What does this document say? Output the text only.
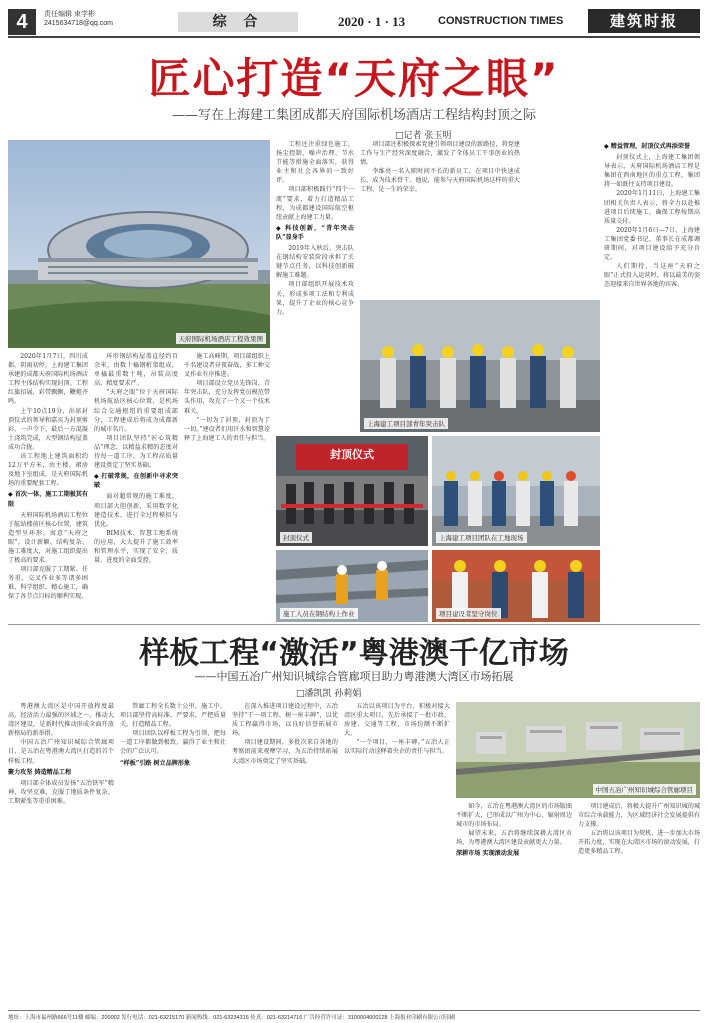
4	责任编辑 束学彬
2415634718@qq.com	综 合	2020 · 1 · 13	CONSTRUCTION TIMES	建筑时报
匠心打造“天府之眼”
——写在上海建工集团成都天府国际机场酒店工程结构封顶之际
□记者 张玉明
天府国际机场酒店工程效果图

2020年1月7日，四川成都。阴雨初停，上海建工集团承建的成都天府国际机场酒店工程主体结构实现封顶。工程红旗招展，彩带飘飘，鞭炮齐鸣。

上午10点19分，出席封顶仪式的领导和嘉宾为封顶剪彩，一声令下，最后一方混凝土浇筑完成，大型钢结构屋盖成功合拢。

该工程地上建筑面积约12万平方米，由主楼、裙房及地下室组成，是天府国际机场的重要配套工程。

◆ 首次一体，施工工期极其有限

天府国际机场酒店工程位于航站楼前区核心位置，建筑造型呈环形，寓意“天府之眼”。设计新颖、结构复杂、施工难度大，对施工组织提出了极高的要求。

项目部克服了工期紧、任务重、交叉作业多等诸多困难，科学组织、精心施工，确保了各节点目标的顺利实现。

环形钢结构屋盖直径约百余米，由数十榀钢桁架组成，单榀最重数十吨，吊装高度高、精度要求严。

“天府之眼”位于天府国际机场航站区核心位置，是机场综合交通枢纽的重要组成部分，工程建成后将成为成都新的城市名片。

项目团队坚持“匠心筑精品”理念，以精益求精的态度对待每一道工序，为工程高质量建设奠定了坚实基础。

◆ 打破常规，在创新中寻求突破

面对超常规的施工难度，项目部大胆创新，采用数字化建造技术，进行全过程模拟与优化。

BIM技术、智慧工地系统的应用，大大提升了施工效率和管理水平，实现了安全、质量、进度的全面受控。

施工高峰期，项目部组织上千名建设者昼夜奋战，多工种交叉作业有序推进。

项目部设立党员先锋岗、青年突击队，充分发挥党员模范带头作用，攻克了一个又一个技术难关。

“一切为了封顶，封顶为了一切。”建设者们用汗水和智慧诠释了上海建工人的责任与担当。

工程还注重绿色施工，扬尘控制、噪声治理、节水节能等措施全面落实，获得业主和社会各界的一致好评。

项目部积极践行“四个一流”要求，着力打造精品工程，为成都建设国际航空枢纽贡献上海建工力量。

◆ 科技创新，“青年突击队”显身手

2019年入秋后，突击队在钢结构安装阶段承担了关键节点任务，以科技创新破解施工难题。

项目部组织开展技术攻关，形成多项工法和专利成果，提升了企业的核心竞争力。

项目部还积极探索党建引领项目建设的新路径，将党建工作与生产经营深度融合，激发了全体员工干事创业的热情。

李维亮一名入职时间不长的新员工，在项目中快速成长，成为技术骨干。他说，能参与天府国际机场这样的重大工程，是一生的荣幸。

◆ 精益管理，封顶仪式再添荣誉

封顶仪式上，上海建工集团领导表示，天府国际机场酒店工程是集团在西南地区的重点工程，集团将一如既往支持项目建设。

2020年1月11日，上海建工集团相关负责人表示，将全力以赴推进项目后续施工，确保工程按期高质量交付。

2020年1月6日—7日，上海建工集团党委书记、董事长在成都调研期间，对项目建设给予充分肯定。

人们期待，当这座“天府之眼”正式投入运营时，将以最美的姿态迎接来自世界各地的宾客。

封顶仪式
封顶仪式	上海建工项目团队在工地现场
上海建工项目部青年突击队
施工人员在钢结构上作业	项目建设者坚守岗位
样板工程“激活”粤港澳千亿市场
——中国五冶广州知识城综合管廊项目助力粤港澳大湾区市场拓展
□潘凯凯 孙莉娟

粤港澳大湾区是中国开放程度最高、经济活力最强的区域之一。推动大湾区建设，是新时代推动形成全面开放新格局的新举措。

中国五冶广州知识城综合管廊项目，是五冶在粤港澳大湾区打造的首个样板工程。

聚力攻坚 铸造精品工程

项目部全体成员发扬“五冶铁军”精神，攻坚克难，克服了地质条件复杂、工期紧张等重重困难。

管廊工程全长数十公里，施工中，项目部坚持高标准、严要求，严把质量关，打造精品工程。

项目团队以样板工程为引领，把每一道工序都做到极致，赢得了业主和社会的广泛认可。

“样板”引路 树立品牌形象

在深入推进项目建设过程中，五冶坚持“干一项工程、树一座丰碑”，以优质工程赢得市场，以良好信誉拓展市场。

项目建设期间，多批次来自各地的考察团前来观摩学习，为五冶持续拓展大湾区市场奠定了坚实基础。

五冶以该项目为平台，积极对接大湾区重大项目，先后承接了一批市政、房建、交通等工程，市场份额不断扩大。

“一个项目，一座丰碑。”五冶人正以实际行动诠释着央企的责任与担当。

如今，五冶在粤港澳大湾区的市场版图不断扩大，已形成以广州为中心、辐射周边城市的市场布局。

展望未来，五冶将继续深耕大湾区市场，为粤港澳大湾区建设贡献更大力量。

深耕市场 实现滚动发展

项目建成后，将极大提升广州知识城的城市综合承载能力，为区域经济社会发展提供有力支撑。

五冶将以该项目为契机，进一步加大市场开拓力度，实现在大湾区市场的滚动发展，打造更多精品工程。

中国五冶广州知识城综合管廊项目
地址：上海市福州路666号11楼 邮编：200002 发行电话：021-63215170 新闻热线：021-63234316 传真：021-63214716 广告经营许可证：3100004000128 上海报业印刷有限公司印刷
